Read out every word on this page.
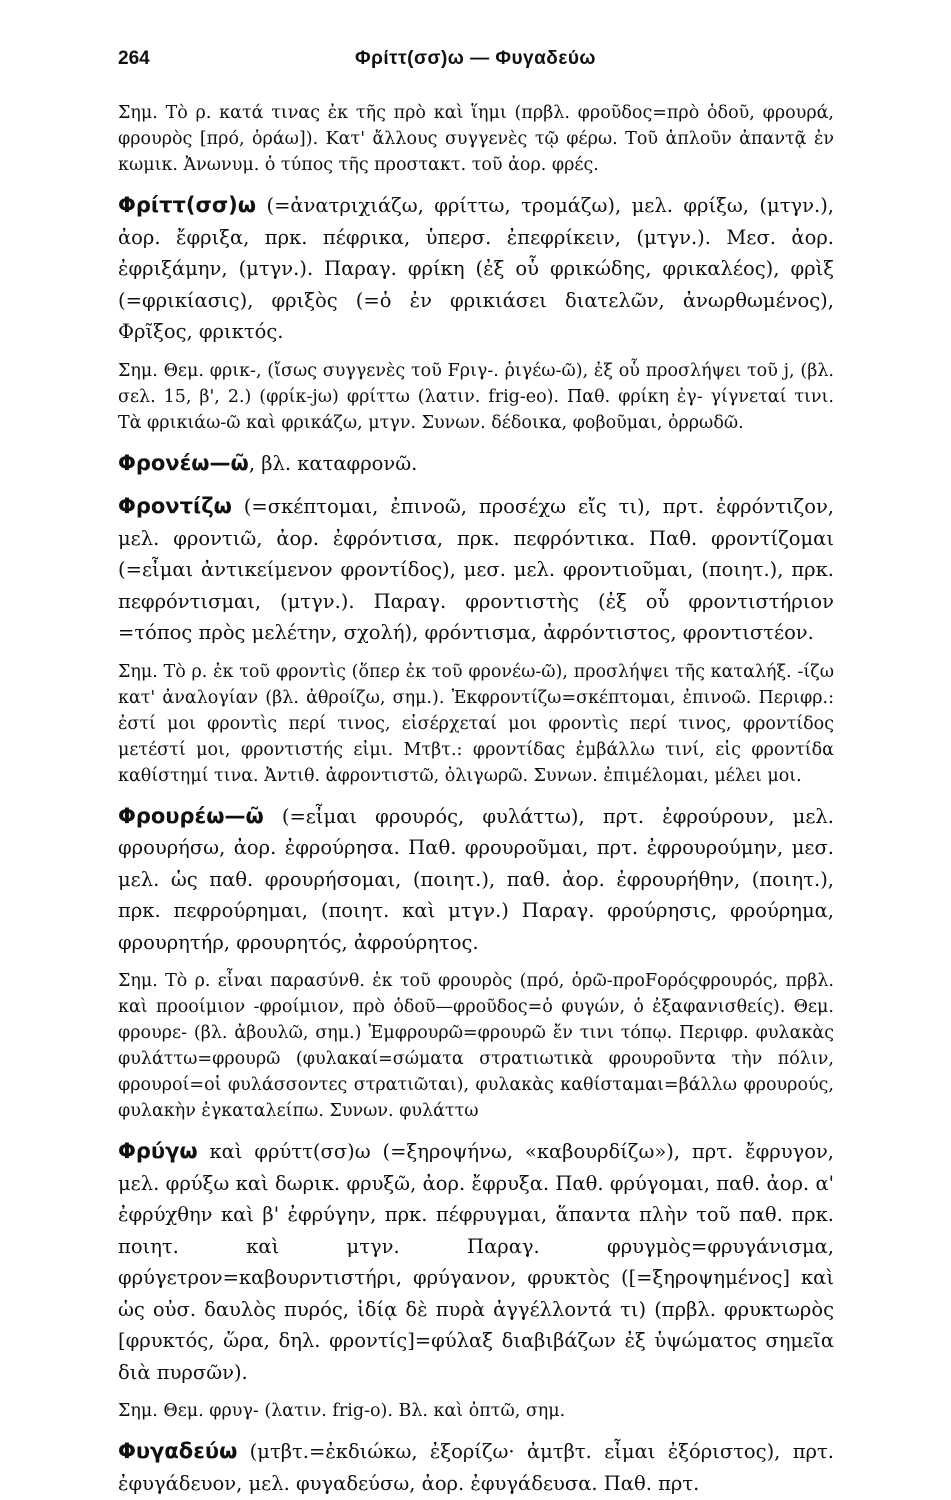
264	Φρίττ(σσ)ω — Φυγαδεύω

Σημ. Τὸ ρ. κατά τινας ἐκ τῆς πρὸ καὶ ἵημι (πρβλ. φροῦδος=πρὸ ὁδοῦ, φρουρά, φρουρὸς [πρό, ὁράω]). Κατ' ἄλλους συγγενὲς τῷ φέρω. Τοῦ ἁπλοῦν ἀπαντᾷ ἐν κωμικ. Ἀνωνυμ. ὁ τύπος τῆς προστακτ. τοῦ ἀορ. φρές.

Φρίττ(σσ)ω (=ἀνατριχιάζω, φρίττω, τρομάζω), μελ. φρίξω, (μτγν.), ἀορ. ἔφριξα, πρκ. πέφρικα, ὑπερσ. ἐπεφρίκειν, (μτγν.). Μεσ. ἀορ. ἐφριξάμην, (μτγν.). Παραγ. φρίκη (ἐξ οὗ φρικώδης, φρικαλέος), φρὶξ (=φρικίασις), φριξὸς (=ὁ ἐν φρικιάσει διατελῶν, ἀνωρθωμένος), Φρῖξος, φρικτός.

Σημ. Θεμ. φρικ-, (ἴσως συγγενὲς τοῦ Fριγ-. ῥιγέω-ῶ), ἐξ οὗ προσλήψει τοῦ j, (βλ. σελ. 15, β', 2.) (φρίκ-jω) φρίττω (λατιν. frig-eo). Παθ. φρίκη ἐγ- γίγνεταί τινι. Τὰ φρικιάω-ῶ καὶ φρικάζω, μτγν. Συνων. δέδοικα, φοβοῦμαι, ὀρρωδῶ.

Φρονέω—ῶ, βλ. καταφρονῶ.

Φροντίζω (=σκέπτομαι, ἐπινοῶ, προσέχω εἴς τι), πρτ. ἐφρόντιζον, μελ. φροντιῶ, ἀορ. ἐφρόντισα, πρκ. πεφρόντικα. Παθ. φροντίζομαι (=εἶμαι ἀντικείμενον φροντίδος), μεσ. μελ. φροντιοῦμαι, (ποιητ.), πρκ. πεφρόντισμαι, (μτγν.). Παραγ. φροντιστὴς (ἐξ οὗ φροντιστήριον =τόπος πρὸς μελέτην, σχολή), φρόντισμα, ἀφρόντιστος, φροντιστέον.

Σημ. Τὸ ρ. ἐκ τοῦ φροντὶς (ὅπερ ἐκ τοῦ φρονέω-ῶ), προσλήψει τῆς καταλήξ. -ίζω κατ' ἀναλογίαν (βλ. ἀθροίζω, σημ.). Ἐκφροντίζω=σκέπτομαι, ἐπινοῶ. Περιφρ.: ἐστί μοι φροντὶς περί τινος, εἰσέρχεταί μοι φροντὶς περί τινος, φροντίδος μετέστί μοι, φροντιστής εἰμι. Μτβτ.: φροντίδας ἐμβάλλω τινί, εἰς φροντίδα καθίστημί τινα. Ἀντιθ. ἀφροντιστῶ, ὀλιγωρῶ. Συνων. ἐπιμέλομαι, μέλει μοι.

Φρουρέω—ῶ (=εἶμαι φρουρός, φυλάττω), πρτ. ἐφρούρουν, μελ. φρουρήσω, ἀορ. ἐφρούρησα. Παθ. φρουροῦμαι, πρτ. ἐφρουρούμην, μεσ. μελ. ὡς παθ. φρουρήσομαι, (ποιητ.), παθ. ἀορ. ἐφρουρήθην, (ποιητ.), πρκ. πεφρούρημαι, (ποιητ. καὶ μτγν.) Παραγ. φρούρησις, φρούρημα, φρουρητήρ, φρουρητός, ἀφρούρητος.

Σημ. Τὸ ρ. εἶναι παρασύνθ. ἐκ τοῦ φρουρὸς (πρό, ὁρῶ-προFορόςφρουρός, πρβλ. καὶ προοίμιον -φροίμιον, πρὸ ὁδοῦ—φροῦδος=ὁ φυγών, ὁ ἐξαφανισθείς). Θεμ. φρουρε- (βλ. ἀβουλῶ, σημ.) Ἐμφρουρῶ=φρουρῶ ἔν τινι τόπῳ. Περιφρ. φυλακὰς φυλάττω=φρουρῶ (φυλακαί=σώματα στρατιωτικὰ φρουροῦντα τὴν πόλιν, φρουροί=οἱ φυλάσσοντες στρατιῶται), φυλακὰς καθίσταμαι=βάλλω φρουρούς, φυλακὴν ἐγκαταλείπω. Συνων. φυλάττω

Φρύγω καὶ φρύττ(σσ)ω (=ξηροψήνω, «καβουρδίζω»), πρτ. ἔφρυγον, μελ. φρύξω καὶ δωρικ. φρυξῶ, ἀορ. ἔφρυξα. Παθ. φρύγομαι, παθ. ἀορ. α' ἐφρύχθην καὶ β' ἐφρύγην, πρκ. πέφρυγμαι, ἅπαντα πλὴν τοῦ παθ. πρκ. ποιητ. καὶ μτγν. Παραγ. φρυγμὸς=φρυγάνισμα, φρύγετρον=καβουρντιστήρι, φρύγανον, φρυκτὸς ([=ξηροψημένος] καὶ ὡς οὐσ. δαυλὸς πυρός, ἰδίᾳ δὲ πυρὰ ἀγγέλλοντά τι) (πρβλ. φρυκτωρὸς [φρυκτός, ὥρα, δηλ. φροντίς]=φύλαξ διαβιβάζων ἐξ ὑψώματος σημεῖα διὰ πυρσῶν).

Σημ. Θεμ. φρυγ- (λατιν. frig-o). Βλ. καὶ ὀπτῶ, σημ.

Φυγαδεύω (μτβτ.=ἐκδιώκω, ἐξορίζω· ἀμτβτ. εἶμαι ἐξόριστος), πρτ. ἐφυγάδευον, μελ. φυγαδεύσω, ἀορ. ἐφυγάδευσα. Παθ. πρτ.
